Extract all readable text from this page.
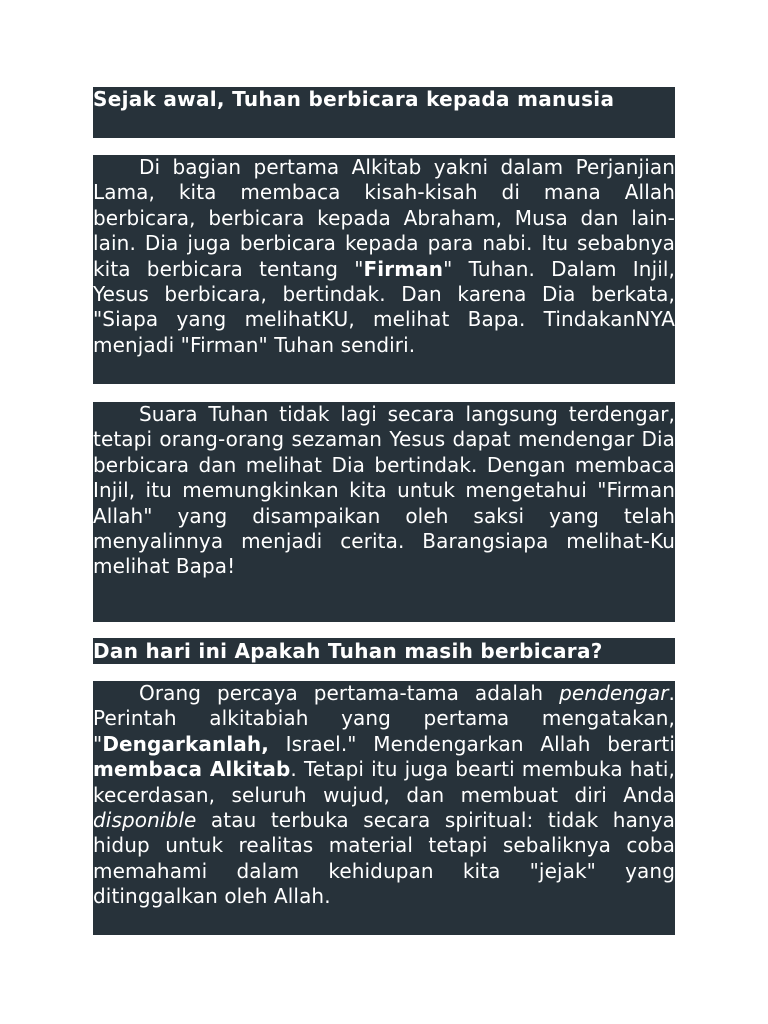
Sejak awal, Tuhan berbicara kepada manusia

Di bagian pertama Alkitab yakni dalam Perjanjian Lama, kita membaca kisah-kisah di mana Allah berbicara, berbicara kepada Abraham, Musa dan lain-lain. Dia juga berbicara kepada para nabi. Itu sebabnya kita berbicara tentang "Firman" Tuhan. Dalam Injil, Yesus berbicara, bertindak. Dan karena Dia berkata, "Siapa yang melihatKU, melihat Bapa. TindakanNYA menjadi "Firman" Tuhan sendiri.

Suara Tuhan tidak lagi secara langsung terdengar, tetapi orang-orang sezaman Yesus dapat mendengar Dia berbicara dan melihat Dia bertindak. Dengan membaca Injil, itu memungkinkan kita untuk mengetahui "Firman Allah" yang disampaikan oleh saksi yang telah menyalinnya menjadi cerita. Barangsiapa melihat-Ku melihat Bapa!

Dan hari ini Apakah Tuhan masih berbicara?

Orang percaya pertama-tama adalah pendengar. Perintah alkitabiah yang pertama mengatakan, "Dengarkanlah, Israel." Mendengarkan Allah berarti membaca Alkitab. Tetapi itu juga bearti membuka hati, kecerdasan, seluruh wujud, dan membuat diri Anda disponible atau terbuka secara spiritual: tidak hanya hidup untuk realitas material tetapi sebaliknya coba memahami dalam kehidupan kita "jejak" yang ditinggalkan oleh Allah.
